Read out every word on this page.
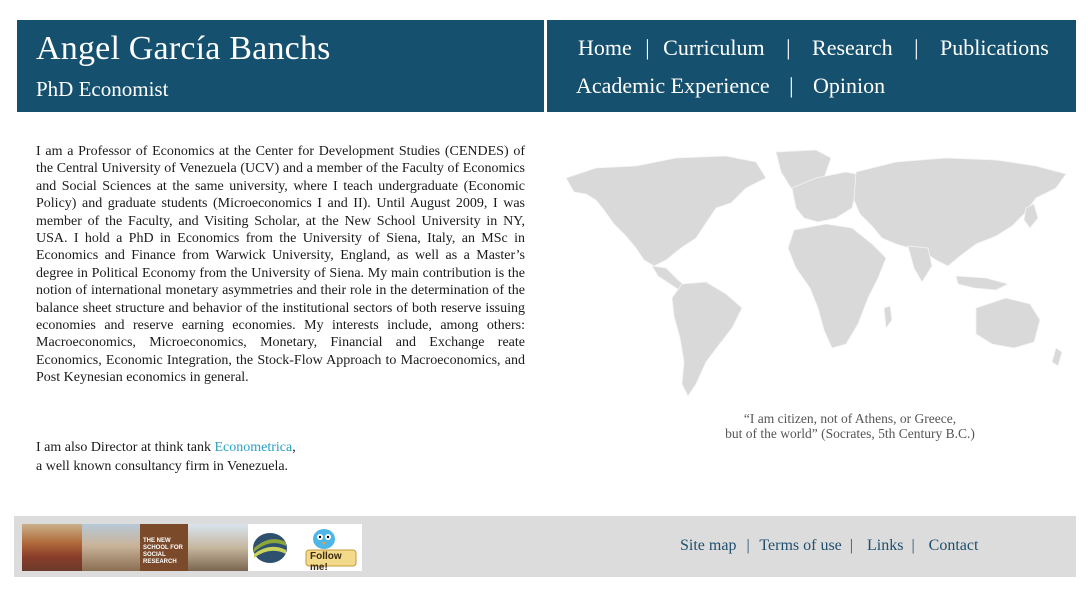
Angel García Banchs
PhD Economist
Home | Curriculum | Research | Publications
Academic Experience | Opinion
I am a Professor of Economics at the Center for Development Studies (CENDES) of the Central University of Venezuela (UCV) and a member of the Faculty of Economics and Social Sciences at the same university, where I teach undergraduate (Economic Policy) and graduate students (Microeconomics I and II). Until August 2009, I was member of the Faculty, and Visiting Scholar, at the New School University in NY, USA. I hold a PhD in Economics from the University of Siena, Italy, an MSc in Economics and Finance from Warwick University, England, as well as a Master’s degree in Political Economy from the University of Siena. My main contribution is the notion of international monetary asymmetries and their role in the determination of the balance sheet structure and behavior of the institutional sectors of both reserve issuing economies and reserve earning economies. My interests include, among others: Macroeconomics, Microeconomics, Monetary, Financial and Exchange reate Economics, Economic Integration, the Stock-Flow Approach to Macroeconomics, and Post Keynesian economics in general.
I am also Director at think tank Econometrica,
a well known consultancy firm in Venezuela.
“I am citizen, not of Athens, or Greece,
but of the world” (Socrates, 5th Century B.C.)
THE NEW SCHOOL FOR SOCIAL RESEARCH	Follow me!
Site map | Terms of use | Links | Contact
